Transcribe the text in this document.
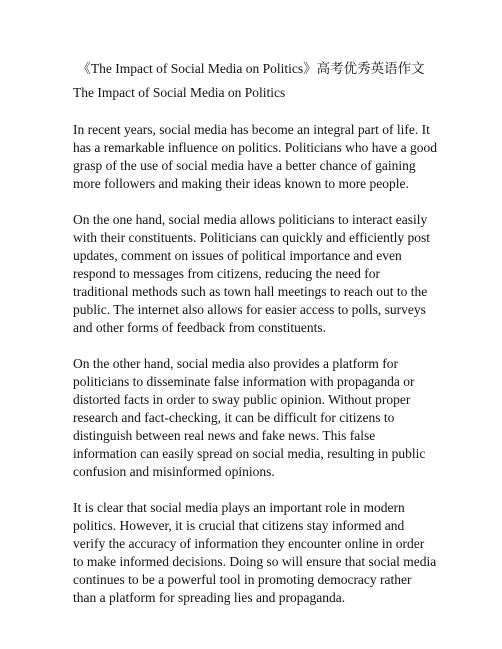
《The Impact of Social Media on Politics》高考优秀英语作文

The Impact of Social Media on Politics

In recent years, social media has become an integral part of life. It
has a remarkable influence on politics. Politicians who have a good
grasp of the use of social media have a better chance of gaining
more followers and making their ideas known to more people.

On the one hand, social media allows politicians to interact easily
with their constituents. Politicians can quickly and efficiently post
updates, comment on issues of political importance and even
respond to messages from citizens, reducing the need for
traditional methods such as town hall meetings to reach out to the
public. The internet also allows for easier access to polls, surveys
and other forms of feedback from constituents.

On the other hand, social media also provides a platform for
politicians to disseminate false information with propaganda or
distorted facts in order to sway public opinion. Without proper
research and fact-checking, it can be difficult for citizens to
distinguish between real news and fake news. This false
information can easily spread on social media, resulting in public
confusion and misinformed opinions.

It is clear that social media plays an important role in modern
politics. However, it is crucial that citizens stay informed and
verify the accuracy of information they encounter online in order
to make informed decisions. Doing so will ensure that social media
continues to be a powerful tool in promoting democracy rather
than a platform for spreading lies and propaganda.
